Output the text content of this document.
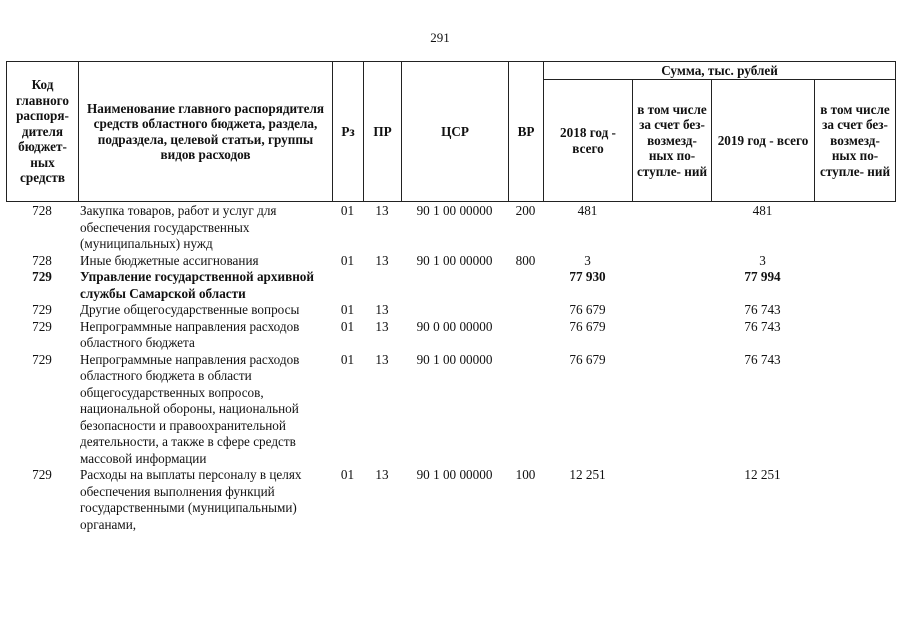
291
Код главного распоря- дителя бюджет- ных средств	Наименование главного распорядителя средств областного бюджета, раздела, подраздела, целевой статьи, группы видов расходов	Рз	ПР	ЦСР	ВР	Сумма, тыс. рублей			
						2018 год - всего	в том числе за счет без- возмезд- ных по- ступле- ний	2019 год - всего	в том числе за счет без- возмезд- ных по- ступле- ний
728	Закупка товаров, работ и услуг для обеспечения государственных (муниципальных) нужд	01	13	90 1 00 00000	200	481		481	
728	Иные бюджетные ассигнования	01	13	90 1 00 00000	800	3		3	
729	Управление государственной архивной службы Самарской области					77 930		77 994	
729	Другие общегосударственные вопросы	01	13			76 679		76 743	
729	Непрограммные направления расходов областного бюджета	01	13	90 0 00 00000		76 679		76 743	
729	Непрограммные направления расходов областного бюджета в области общегосударственных вопросов, национальной обороны, национальной безопасности и правоохранительной деятельности, а также в сфере средств массовой информации	01	13	90 1 00 00000		76 679		76 743	
729	Расходы на выплаты персоналу в целях обеспечения выполнения функций государственными (муниципальными) органами,	01	13	90 1 00 00000	100	12 251		12 251	
